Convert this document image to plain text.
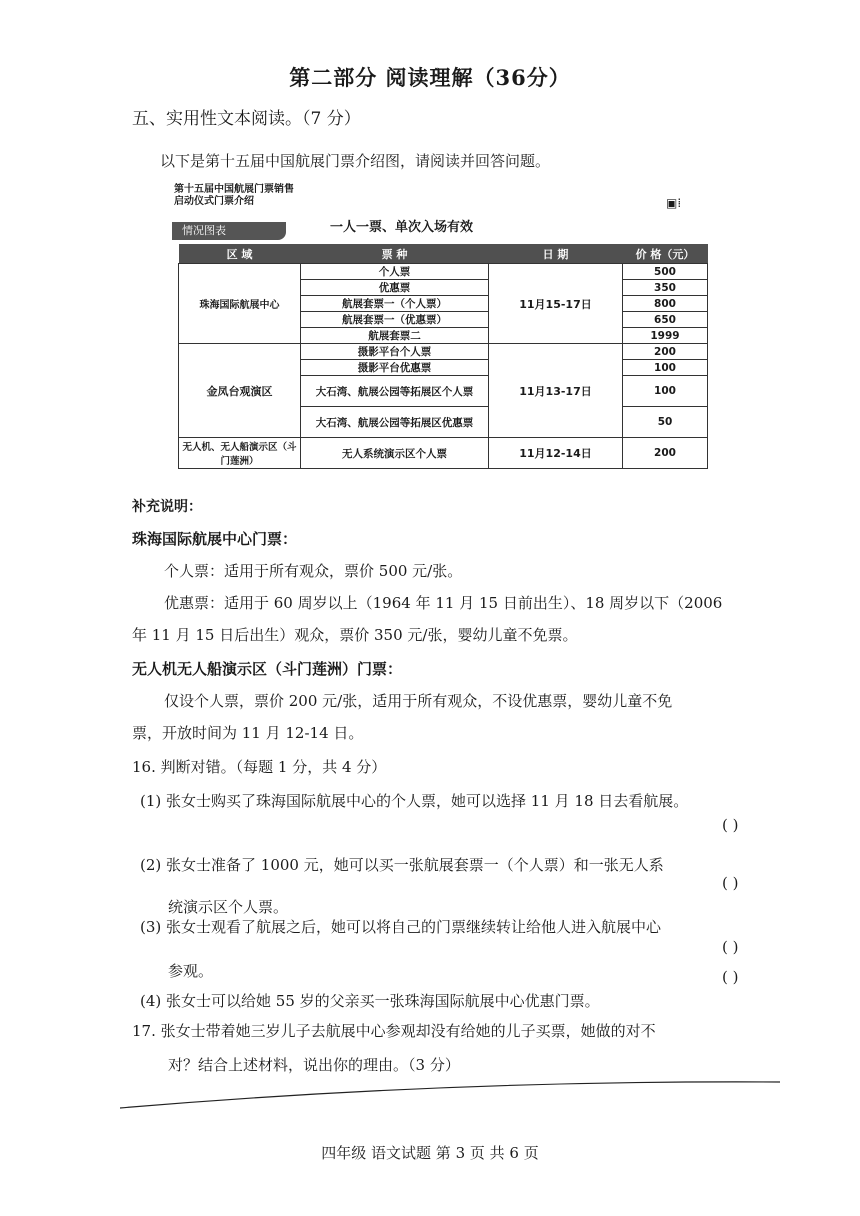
第二部分 阅读理解（36分）
五、实用性文本阅读。（7 分）
以下是第十五届中国航展门票介绍图，请阅读并回答问题。
第十五届中国航展门票销售
启动仪式门票介绍	▣⁞
情况图表	一人一票、单次入场有效
区 域	票 种	日 期	价 格（元）
珠海国际航展中心	个人票	11月15-17日	500
	优惠票		350
	航展套票一（个人票）		800
	航展套票一（优惠票）		650
	航展套票二		1999
金凤台观演区	摄影平台个人票	11月13-17日	200
	摄影平台优惠票		100
	大石湾、航展公园等拓展区个人票		100
	大石湾、航展公园等拓展区优惠票		50
无人机、无人船演示区（斗门莲洲）	无人系统演示区个人票	11月12-14日	200
补充说明：
珠海国际航展中心门票：
个人票：适用于所有观众，票价 500 元/张。
优惠票：适用于 60 周岁以上（1964 年 11 月 15 日前出生）、18 周岁以下（2006
年 11 月 15 日后出生）观众，票价 350 元/张，婴幼儿童不免票。
无人机无人船演示区（斗门莲洲）门票：
仅设个人票，票价 200 元/张，适用于所有观众，不设优惠票，婴幼儿童不免
票，开放时间为 11 月 12-14 日。
16. 判断对错。（每题 1 分，共 4 分）
(1) 张女士购买了珠海国际航展中心的个人票，她可以选择 11 月 18 日去看航展。
( )
(2) 张女士准备了 1000 元，她可以买一张航展套票一（个人票）和一张无人系
( )
统演示区个人票。
(3) 张女士观看了航展之后，她可以将自己的门票继续转让给他人进入航展中心
( )
参观。
(4) 张女士可以给她 55 岁的父亲买一张珠海国际航展中心优惠门票。
( )
17. 张女士带着她三岁儿子去航展中心参观却没有给她的儿子买票，她做的对不
对？结合上述材料，说出你的理由。（3 分）
四年级 语文试题 第 3 页 共 6 页
